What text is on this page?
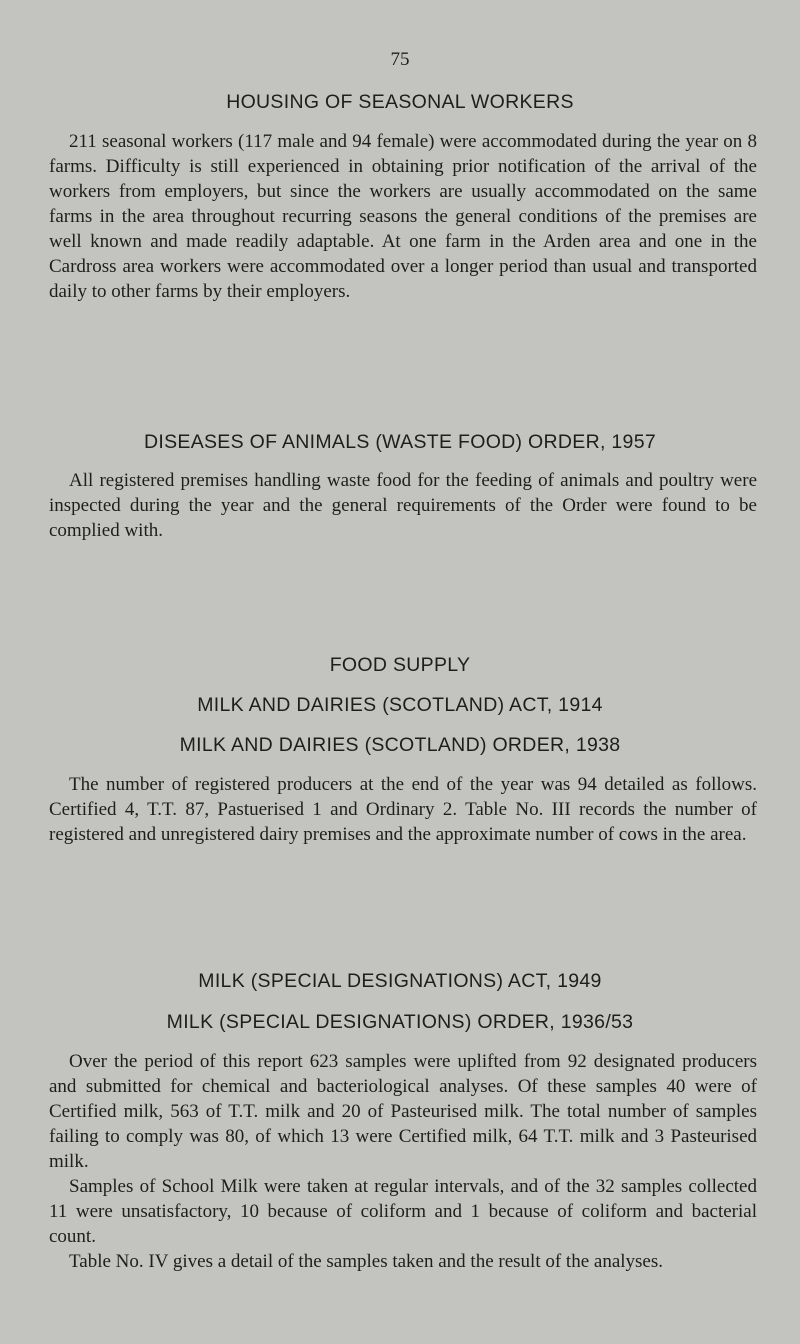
75
HOUSING OF SEASONAL WORKERS

211 seasonal workers (117 male and 94 female) were accommodated during the year on 8 farms. Difficulty is still experienced in obtaining prior notification of the arrival of the workers from employers, but since the workers are usually accommodated on the same farms in the area throughout recurring seasons the general conditions of the premises are well known and made readily adaptable. At one farm in the Arden area and one in the Cardross area workers were accommodated over a longer period than usual and transported daily to other farms by their employers.

DISEASES OF ANIMALS (WASTE FOOD) ORDER, 1957

All registered premises handling waste food for the feeding of animals and poultry were inspected during the year and the general requirements of the Order were found to be complied with.

FOOD SUPPLY
MILK AND DAIRIES (SCOTLAND) ACT, 1914
MILK AND DAIRIES (SCOTLAND) ORDER, 1938

The number of registered producers at the end of the year was 94 detailed as follows. Certified 4, T.T. 87, Pastuerised 1 and Ordinary 2. Table No. III records the number of registered and unregistered dairy premises and the approximate number of cows in the area.

MILK (SPECIAL DESIGNATIONS) ACT, 1949
MILK (SPECIAL DESIGNATIONS) ORDER, 1936/53

Over the period of this report 623 samples were uplifted from 92 designated producers and submitted for chemical and bacteriological analyses. Of these samples 40 were of Certified milk, 563 of T.T. milk and 20 of Pasteurised milk. The total number of samples failing to comply was 80, of which 13 were Certified milk, 64 T.T. milk and 3 Pasteurised milk.

Samples of School Milk were taken at regular intervals, and of the 32 samples collected 11 were unsatisfactory, 10 because of coliform and 1 because of coliform and bacterial count.

Table No. IV gives a detail of the samples taken and the result of the analyses.
